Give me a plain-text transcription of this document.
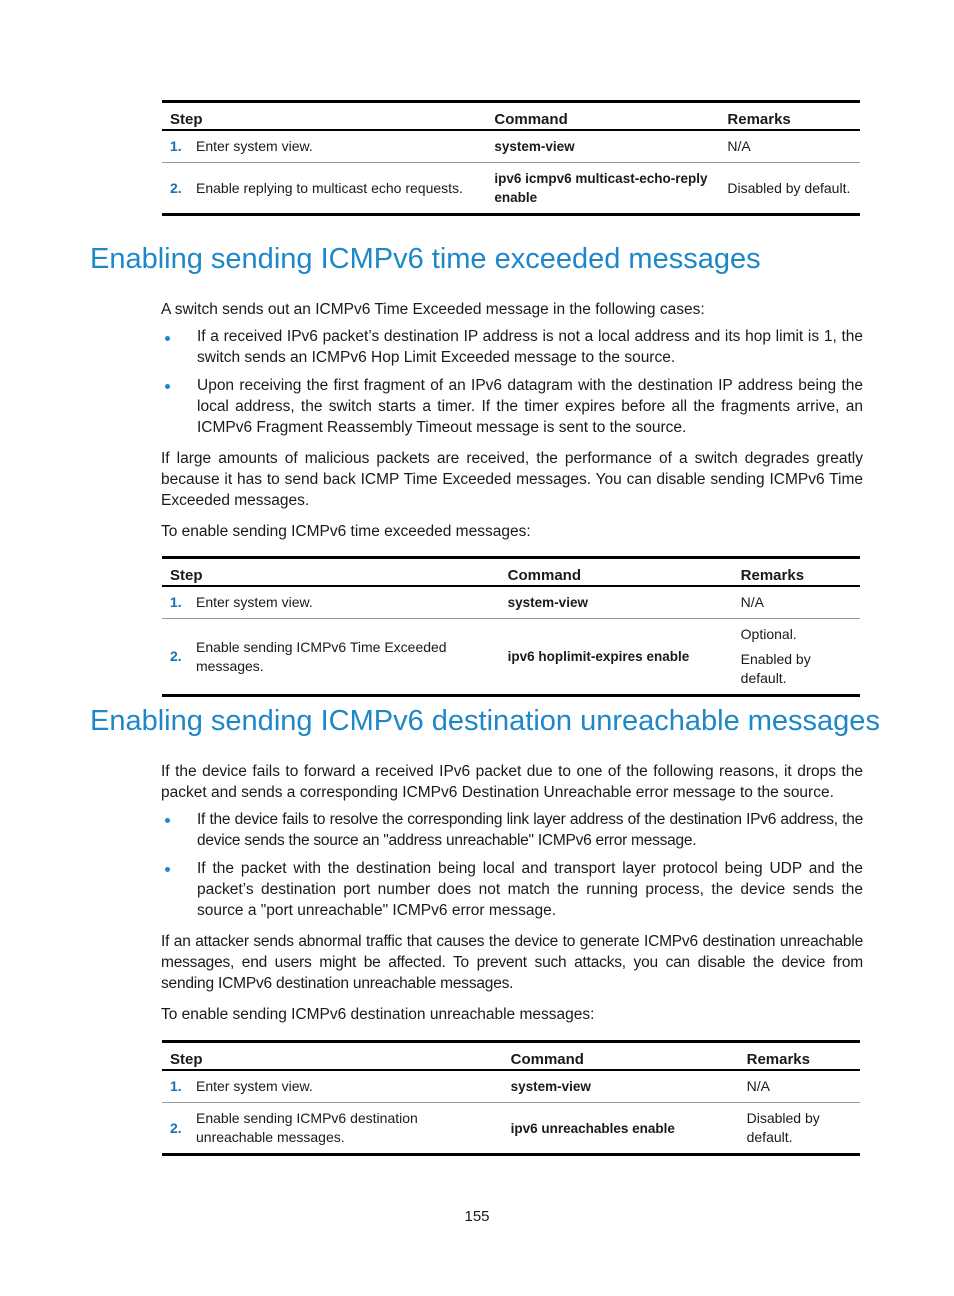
Step		Command	Remarks
1.	Enter system view.	system-view	N/A
2.	Enable replying to multicast echo requests.	ipv6 icmpv6 multicast-echo-reply enable	Disabled by default.
Enabling sending ICMPv6 time exceeded messages

A switch sends out an ICMPv6 Time Exceeded message in the following cases:

If a received IPv6 packet’s destination IP address is not a local address and its hop limit is 1, the switch sends an ICMPv6 Hop Limit Exceeded message to the source.
Upon receiving the first fragment of an IPv6 datagram with the destination IP address being the local address, the switch starts a timer. If the timer expires before all the fragments arrive, an ICMPv6 Fragment Reassembly Timeout message is sent to the source.

If large amounts of malicious packets are received, the performance of a switch degrades greatly because it has to send back ICMP Time Exceeded messages. You can disable sending ICMPv6 Time Exceeded messages.

To enable sending ICMPv6 time exceeded messages:

Step		Command	Remarks
1.	Enter system view.	system-view	N/A
2.	Enable sending ICMPv6 Time Exceeded messages.	ipv6 hoplimit-expires enable	Optional.
Enabled by default.
Enabling sending ICMPv6 destination unreachable messages

If the device fails to forward a received IPv6 packet due to one of the following reasons, it drops the packet and sends a corresponding ICMPv6 Destination Unreachable error message to the source.

If the device fails to resolve the corresponding link layer address of the destination IPv6 address, the device sends the source an "address unreachable" ICMPv6 error message.
If the packet with the destination being local and transport layer protocol being UDP and the packet’s destination port number does not match the running process, the device sends the source a "port unreachable" ICMPv6 error message.

If an attacker sends abnormal traffic that causes the device to generate ICMPv6 destination unreachable messages, end users might be affected. To prevent such attacks, you can disable the device from sending ICMPv6 destination unreachable messages.

To enable sending ICMPv6 destination unreachable messages:

Step		Command	Remarks
1.	Enter system view.	system-view	N/A
2.	Enable sending ICMPv6 destination unreachable messages.	ipv6 unreachables enable	Disabled by default.
155
